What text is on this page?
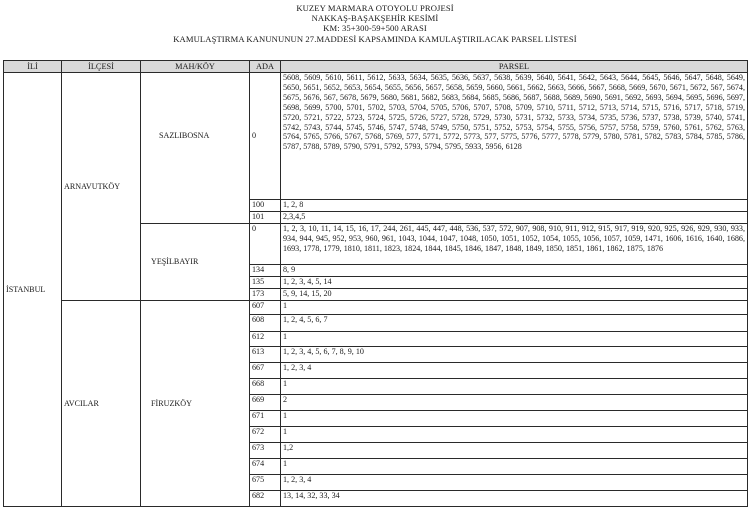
KUZEY MARMARA OTOYOLU PROJESİ
NAKKAŞ-BAŞAKŞEHİR KESİMİ
KM: 35+300-59+500 ARASI
KAMULAŞTIRMA KANUNUNUN 27.MADDESİ KAPSAMINDA KAMULAŞTIRILACAK PARSEL LİSTESİ
İLİ	İLÇESİ	MAH/KÖY	ADA	PARSEL
İSTANBUL	ARNAVUTKÖY	SAZLIBOSNA	0	5608, 5609, 5610, 5611, 5612, 5633, 5634, 5635, 5636, 5637, 5638, 5639, 5640, 5641, 5642, 5643, 5644, 5645, 5646, 5647, 5648, 5649, 5650, 5651, 5652, 5653, 5654, 5655, 5656, 5657, 5658, 5659, 5660, 5661, 5662, 5663, 5666, 5667, 5668, 5669, 5670, 5671, 5672, 567, 5674, 5675, 5676, 567, 5678, 5679, 5680, 5681, 5682, 5683, 5684, 5685, 5686, 5687, 5688, 5689, 5690, 5691, 5692, 5693, 5694, 5695, 5696, 5697, 5698, 5699, 5700, 5701, 5702, 5703, 5704, 5705, 5706, 5707, 5708, 5709, 5710, 5711, 5712, 5713, 5714, 5715, 5716, 5717, 5718, 5719, 5720, 5721, 5722, 5723, 5724, 5725, 5726, 5727, 5728, 5729, 5730, 5731, 5732, 5733, 5734, 5735, 5736, 5737, 5738, 5739, 5740, 5741, 5742, 5743, 5744, 5745, 5746, 5747, 5748, 5749, 5750, 5751, 5752, 5753, 5754, 5755, 5756, 5757, 5758, 5759, 5760, 5761, 5762, 5763, 5764, 5765, 5766, 5767, 5768, 5769, 577, 5771, 5772, 5773, 577, 5775, 5776, 5777, 5778, 5779, 5780, 5781, 5782, 5783, 5784, 5785, 5786, 5787, 5788, 5789, 5790, 5791, 5792, 5793, 5794, 5795, 5933, 5956, 6128
			100	1, 2, 8
			101	2,3,4,5
		YEŞİLBAYIR	0	1, 2, 3, 10, 11, 14, 15, 16, 17, 244, 261, 445, 447, 448, 536, 537, 572, 907, 908, 910, 911, 912, 915, 917, 919, 920, 925, 926, 929, 930, 933, 934, 944, 945, 952, 953, 960, 961, 1043, 1044, 1047, 1048, 1050, 1051, 1052, 1054, 1055, 1056, 1057, 1059, 1471, 1606, 1616, 1640, 1686, 1693, 1778, 1779, 1810, 1811, 1823, 1824, 1844, 1845, 1846, 1847, 1848, 1849, 1850, 1851, 1861, 1862, 1875, 1876
			134	8, 9
			135	1, 2, 3, 4, 5, 14
			173	5, 9, 14, 15, 20
	AVCILAR	FİRUZKÖY	607	1
			608	1, 2, 4, 5, 6, 7
			612	1
			613	1, 2, 3, 4, 5, 6, 7, 8, 9, 10
			667	1, 2, 3, 4
			668	1
			669	2
			671	1
			672	1
			673	1,2
			674	1
			675	1, 2, 3, 4
			682	13, 14, 32, 33, 34
